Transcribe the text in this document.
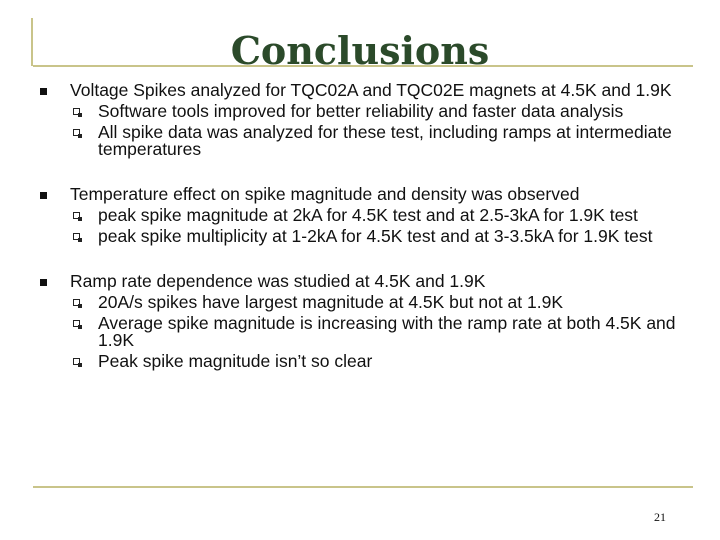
Conclusions
Voltage Spikes analyzed for TQC02A and TQC02E magnets at 4.5K and 1.9K
Software tools improved for better reliability and faster data analysis
All spike data was analyzed for these test, including ramps at intermediate temperatures
Temperature effect on spike magnitude and density was observed
peak spike magnitude at 2kA for 4.5K test and at 2.5-3kA for 1.9K test
peak spike multiplicity at 1-2kA for 4.5K test and at 3-3.5kA for 1.9K test
Ramp rate dependence was studied at 4.5K and 1.9K
20A/s spikes have largest magnitude at 4.5K but not at 1.9K
Average spike magnitude is increasing with the ramp rate at both 4.5K and 1.9K
Peak spike magnitude isn’t so clear
21
